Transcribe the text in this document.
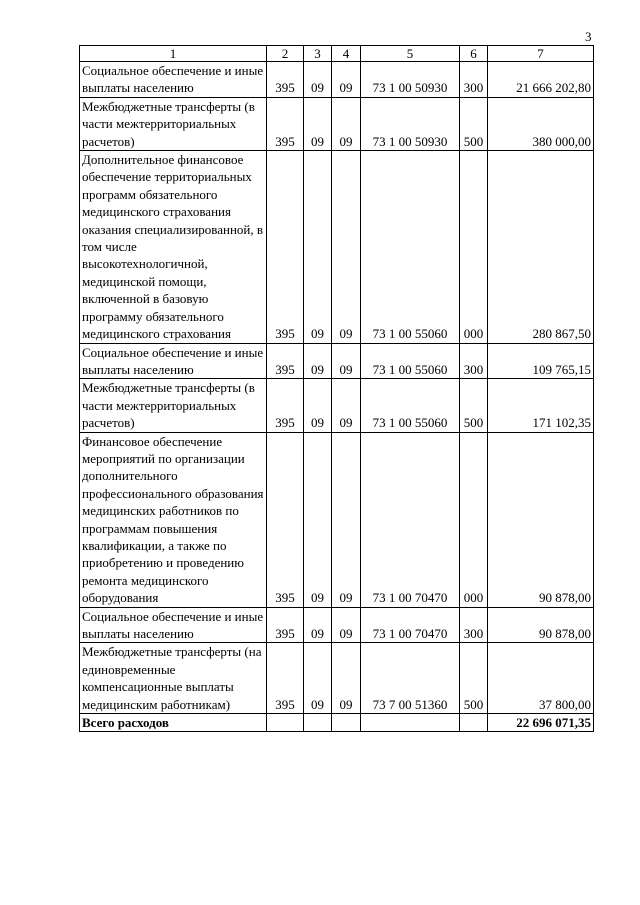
3
1	2	3	4	5	6	7
Социальное обеспечение и иные выплаты населению	395	09	09	73 1 00 50930	300	21 666 202,80
Межбюджетные трансферты (в части межтерриториальных расчетов)	395	09	09	73 1 00 50930	500	380 000,00
Дополнительное финансовое обеспечение территориальных программ обязательного медицинского страхования оказания специализированной, в том числе высокотехнологичной, медицинской помощи, включенной в базовую программу обязательного медицинского страхования	395	09	09	73 1 00 55060	000	280 867,50
Социальное обеспечение и иные выплаты населению	395	09	09	73 1 00 55060	300	109 765,15
Межбюджетные трансферты (в части межтерриториальных расчетов)	395	09	09	73 1 00 55060	500	171 102,35
Финансовое обеспечение мероприятий по организации дополнительного профессионального образования медицинских работников по программам повышения квалификации, а также по приобретению и проведению ремонта медицинского оборудования	395	09	09	73 1 00 70470	000	90 878,00
Социальное обеспечение и иные выплаты населению	395	09	09	73 1 00 70470	300	90 878,00
Межбюджетные трансферты (на единовременные компенсационные выплаты медицинским работникам)	395	09	09	73 7 00 51360	500	37 800,00
Всего расходов						22 696 071,35
